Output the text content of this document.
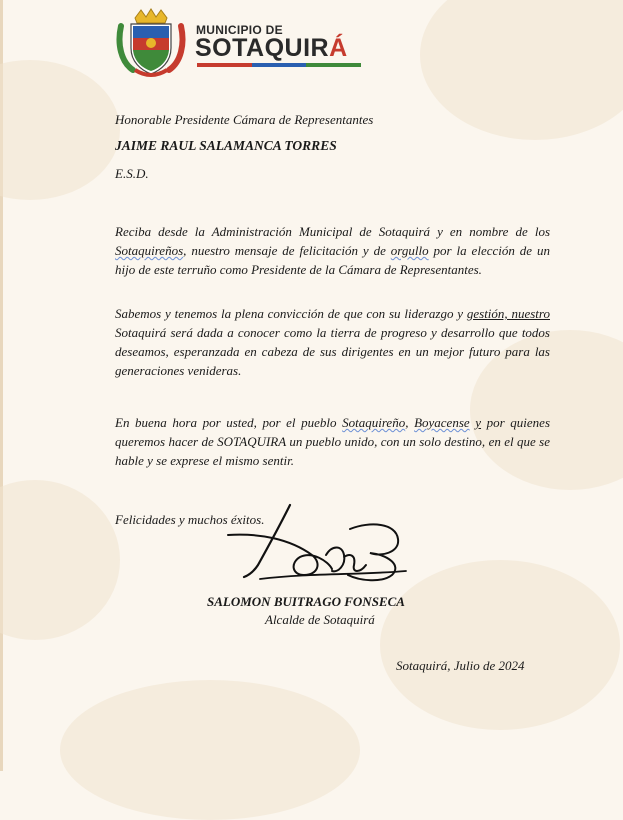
MUNICIPIO DE
SOTAQUIRÁ

Honorable Presidente Cámara de Representantes

JAIME RAUL SALAMANCA TORRES

E.S.D.

Reciba desde la Administración Municipal de Sotaquirá y en nombre de los Sotaquireños, nuestro mensaje de felicitación y de orgullo por la elección de un hijo de este terruño como Presidente de la Cámara de Representantes.

Sabemos y tenemos la plena convicción de que con su liderazgo y gestión, nuestro Sotaquirá será dada a conocer como la tierra de progreso y desarrollo que todos deseamos, esperanzada en cabeza de sus dirigentes en un mejor futuro para las generaciones venideras.

En buena hora por usted, por el pueblo Sotaquireño, Boyacense y por quienes queremos hacer de SOTAQUIRA un pueblo unido, con un solo destino, en el que se hable y se exprese el mismo sentir.

Felicidades y muchos éxitos.

SALOMON BUITRAGO FONSECA

Alcalde de Sotaquirá

Sotaquirá, Julio de 2024
